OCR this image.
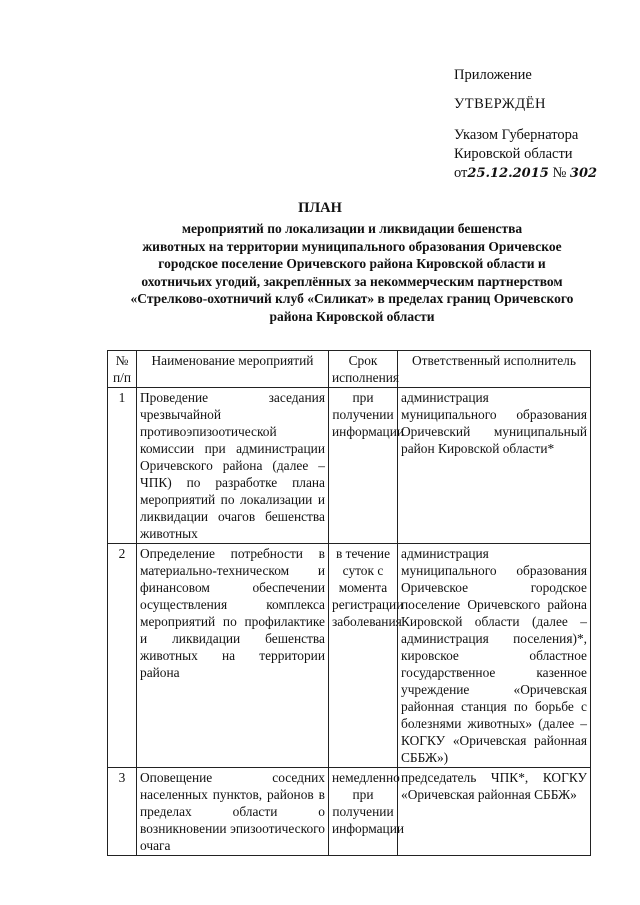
Приложение
УТВЕРЖДЁН
Указом Губернатора
Кировской области
от25.12.2015 № 302
ПЛАН
мероприятий по локализации и ликвидации бешенства
животных на территории муниципального образования Оричевское
городское поселение Оричевского района Кировской области и
охотничьих угодий, закреплённых за некоммерческим партнерством
«Стрелково-охотничий клуб «Силикат» в пределах границ Оричевского
района Кировской области
№ п/п	Наименование мероприятий	Срок исполнения	Ответственный исполнитель
1	Проведение заседания чрезвычайной противоэпизоотической комиссии при администрации Оричевского района (далее – ЧПК) по разработке плана мероприятий по локализации и ликвидации очагов бешенства животных	при получении информации	администрация муниципального образования Оричевский муниципальный район Кировской области*
2	Определение потребности в материально-техническом и финансовом обеспечении осуществления комплекса мероприятий по профилактике и ликвидации бешенства животных на территории района	в течение суток с момента регистрации заболевания	администрация муниципального образования Оричевское городское поселение Оричевского района Кировской области (далее – администрация поселения)*, кировское областное государственное казенное учреждение «Оричевская районная станция по борьбе с болезнями животных» (далее – КОГКУ «Оричевская районная СББЖ»)
3	Оповещение соседних населенных пунктов, районов в пределах области о возникновении эпизоотического очага	немедленно при получении информации	председатель ЧПК*, КОГКУ «Оричевская районная СББЖ»
